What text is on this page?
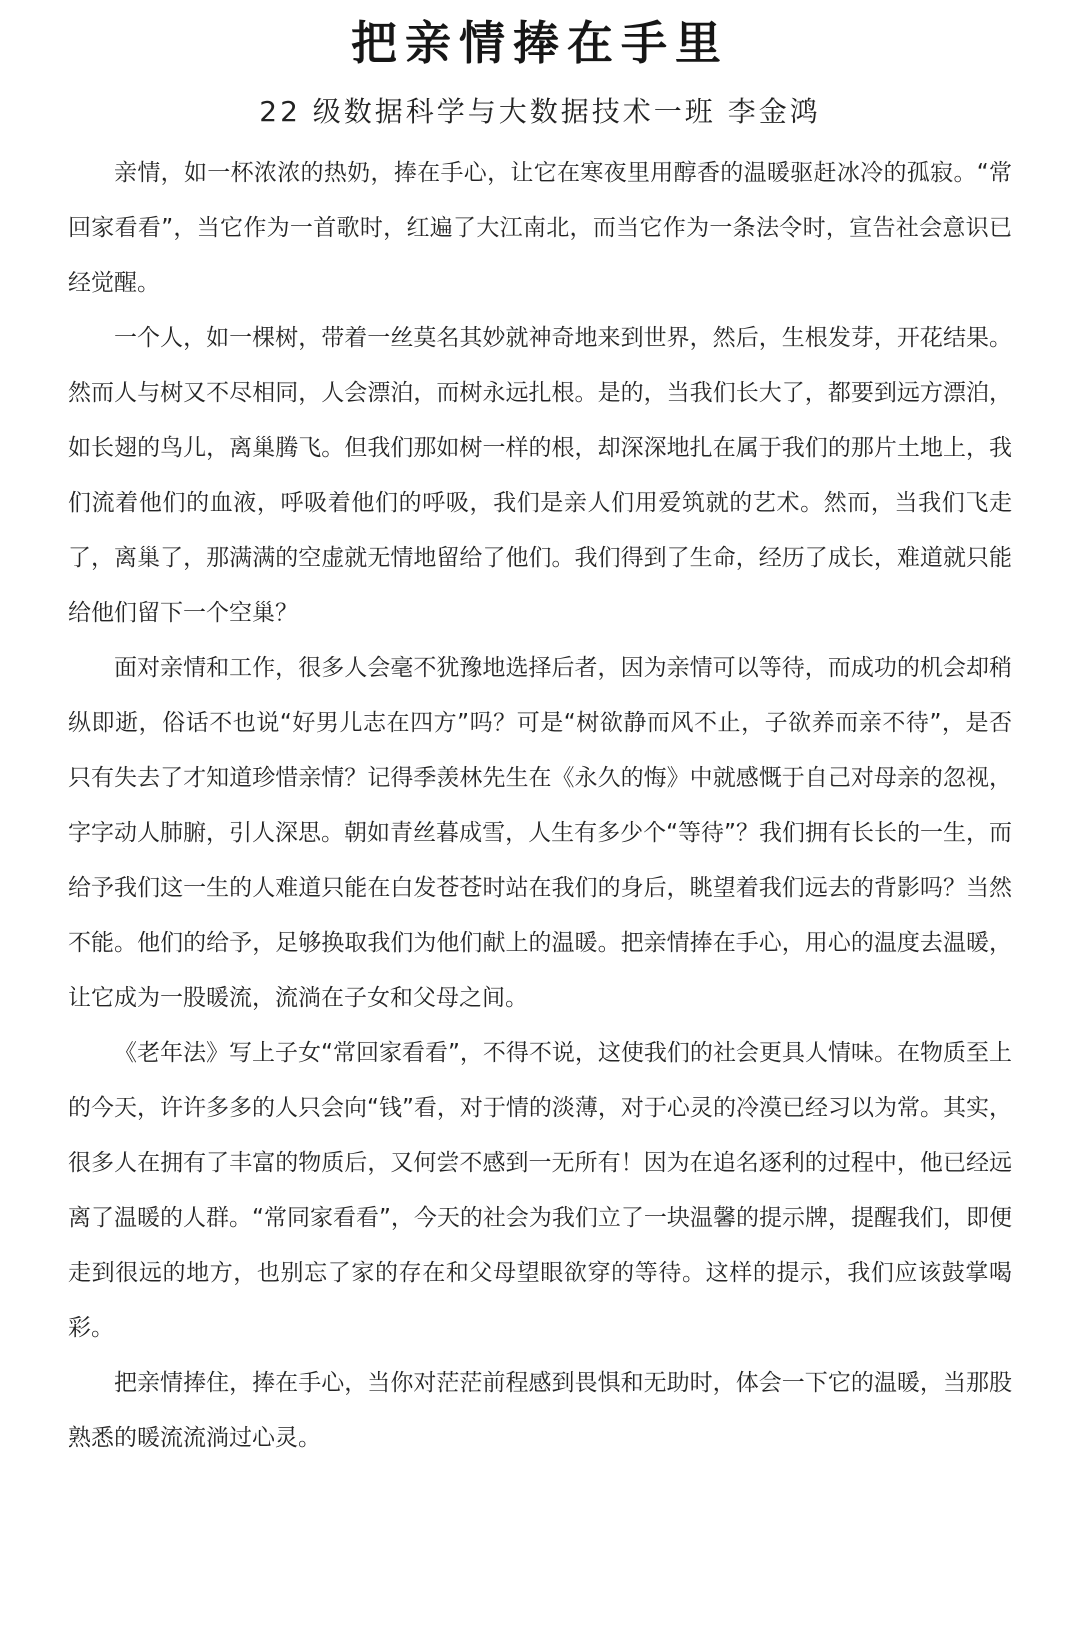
把亲情捧在手里
22 级数据科学与大数据技术一班 李金鸿

亲情，如一杯浓浓的热奶，捧在手心，让它在寒夜里用醇香的温暖驱赶冰冷的孤寂。“常回家看看”，当它作为一首歌时，红遍了大江南北，而当它作为一条法令时，宣告社会意识已经觉醒。

一个人，如一棵树，带着一丝莫名其妙就神奇地来到世界，然后，生根发芽，开花结果。然而人与树又不尽相同，人会漂泊，而树永远扎根。是的，当我们长大了，都要到远方漂泊，如长翅的鸟儿，离巢腾飞。但我们那如树一样的根，却深深地扎在属于我们的那片土地上，我们流着他们的血液，呼吸着他们的呼吸，我们是亲人们用爱筑就的艺术。然而，当我们飞走了，离巢了，那满满的空虚就无情地留给了他们。我们得到了生命，经历了成长，难道就只能给他们留下一个空巢？

面对亲情和工作，很多人会毫不犹豫地选择后者，因为亲情可以等待，而成功的机会却稍纵即逝，俗话不也说“好男儿志在四方”吗？可是“树欲静而风不止，子欲养而亲不待”，是否只有失去了才知道珍惜亲情？记得季羡林先生在《永久的悔》中就感慨于自己对母亲的忽视，字字动人肺腑，引人深思。朝如青丝暮成雪，人生有多少个“等待”？我们拥有长长的一生，而给予我们这一生的人难道只能在白发苍苍时站在我们的身后，眺望着我们远去的背影吗？当然不能。他们的给予，足够换取我们为他们献上的温暖。把亲情捧在手心，用心的温度去温暖，让它成为一股暖流，流淌在子女和父母之间。

《老年法》写上子女“常回家看看”，不得不说，这使我们的社会更具人情味。在物质至上的今天，许许多多的人只会向“钱”看，对于情的淡薄，对于心灵的冷漠已经习以为常。其实，很多人在拥有了丰富的物质后，又何尝不感到一无所有！因为在追名逐利的过程中，他已经远离了温暖的人群。“常同家看看”，今天的社会为我们立了一块温馨的提示牌，提醒我们，即便走到很远的地方，也别忘了家的存在和父母望眼欲穿的等待。这样的提示，我们应该鼓掌喝彩。

把亲情捧住，捧在手心，当你对茫茫前程感到畏惧和无助时，体会一下它的温暖，当那股熟悉的暖流流淌过心灵。
